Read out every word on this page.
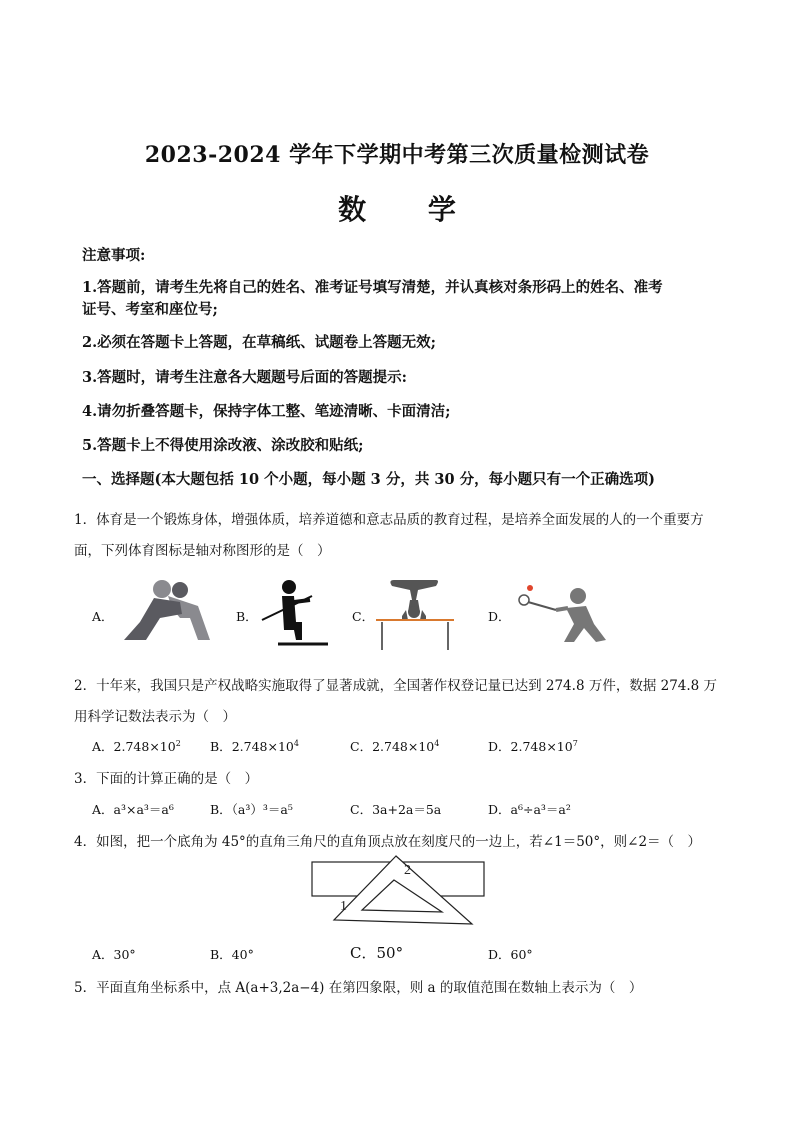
2023-2024 学年下学期中考第三次质量检测试卷
数 学
注意事项:
1.答题前，请考生先将自己的姓名、准考证号填写清楚，并认真核对条形码上的姓名、准考
证号、考室和座位号;
2.必须在答题卡上答题，在草稿纸、试题卷上答题无效;
3.答题时，请考生注意各大题题号后面的答题提示:
4.请勿折叠答题卡，保持字体工整、笔迹清晰、卡面清洁;
5.答题卡上不得使用涂改液、涂改胶和贴纸;
一、选择题(本大题包括 10 个小题，每小题 3 分，共 30 分，每小题只有一个正确选项)
1．体育是一个锻炼身体，增强体质，培养道德和意志品质的教育过程，是培养全面发展的人的一个重要方
面，下列体育图标是轴对称图形的是（　）
A．	B．	C．	D．
2．十年来，我国只是产权战略实施取得了显著成就，全国著作权登记量已达到 274.8 万件，数据 274.8 万
用科学记数法表示为（　）
A．$2.748\times 10^2$ B．$2.748\times 10^4$	C．$2.748\times 10^4$	D．$2.748\times 10^7$
3．下面的计算正确的是（　）
A．a³×a³＝a⁶	B．（a³）³＝a⁵	C．3a+2a＝5a	D．a⁶÷a³＝a²
4．如图，把一个底角为 45°的直角三角尺的直角顶点放在刻度尺的一边上，若∠1＝50°，则∠2＝（　）
2
1
A．30°	B．40°	C．50°	D．60°
5．平面直角坐标系中，点 A(a+3,2a−4) 在第四象限，则 a 的取值范围在数轴上表示为（　）
